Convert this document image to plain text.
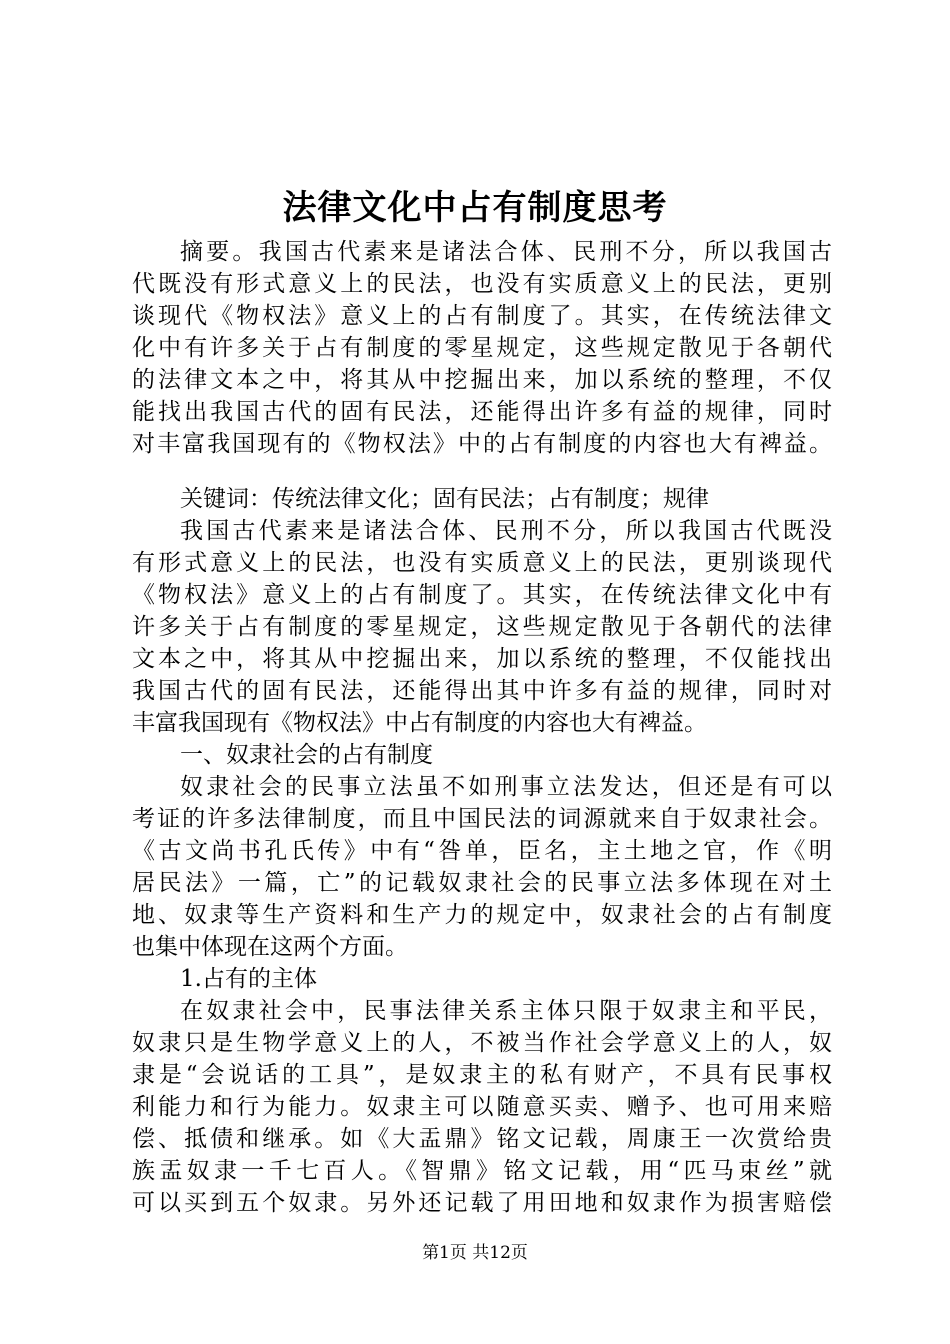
法律文化中占有制度思考
摘要。我国古代素来是诸法合体、民刑不分，所以我国古
代既没有形式意义上的民法，也没有实质意义上的民法，更别
谈现代《物权法》意义上的占有制度了。其实，在传统法律文
化中有许多关于占有制度的零星规定，这些规定散见于各朝代
的法律文本之中，将其从中挖掘出来，加以系统的整理，不仅
能找出我国古代的固有民法，还能得出许多有益的规律，同时
对丰富我国现有的《物权法》中的占有制度的内容也大有裨益。
关键词：传统法律文化；固有民法；占有制度；规律
我国古代素来是诸法合体、民刑不分，所以我国古代既没
有形式意义上的民法，也没有实质意义上的民法，更别谈现代
《物权法》意义上的占有制度了。其实，在传统法律文化中有
许多关于占有制度的零星规定，这些规定散见于各朝代的法律
文本之中，将其从中挖掘出来，加以系统的整理，不仅能找出
我国古代的固有民法，还能得出其中许多有益的规律，同时对
丰富我国现有《物权法》中占有制度的内容也大有裨益。
一、奴隶社会的占有制度
奴隶社会的民事立法虽不如刑事立法发达，但还是有可以
考证的许多法律制度，而且中国民法的词源就来自于奴隶社会。
《古文尚书孔氏传》中有“咎单，臣名，主土地之官，作《明
居民法》一篇，亡”的记载奴隶社会的民事立法多体现在对土
地、奴隶等生产资料和生产力的规定中，奴隶社会的占有制度
也集中体现在这两个方面。
1.占有的主体
在奴隶社会中，民事法律关系主体只限于奴隶主和平民，
奴隶只是生物学意义上的人，不被当作社会学意义上的人，奴
隶是“会说话的工具”，是奴隶主的私有财产，不具有民事权
利能力和行为能力。奴隶主可以随意买卖、赠予、也可用来赔
偿、抵债和继承。如《大盂鼎》铭文记载，周康王一次赏给贵
族盂奴隶一千七百人。《智鼎》铭文记载，用“匹马束丝”就
可以买到五个奴隶。另外还记载了用田地和奴隶作为损害赔偿
第1页 共12页
